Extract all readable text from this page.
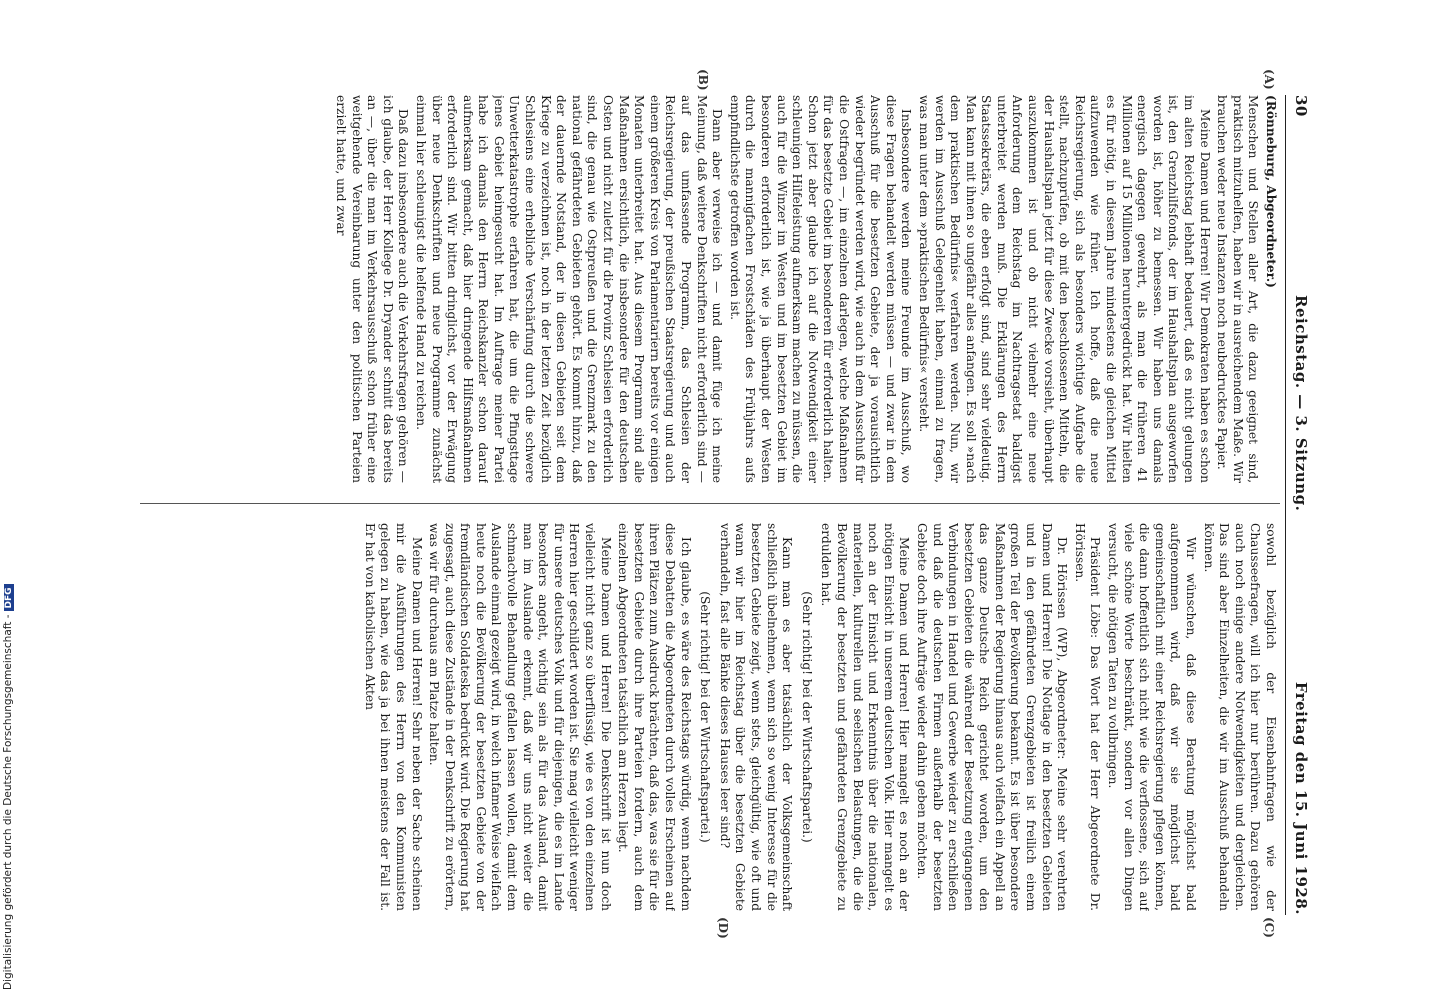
30
Reichstag. — 3. Sitzung.
Freitag den 15. Juni 1928.
(A)
(B)
(C)
(D)

(Rönneburg, Abgeordneter.)

Menschen und Stellen aller Art, die dazu geeignet sind, praktisch mitzuhelfen, haben wir in ausreichendem Maße. Wir brauchen weder neue Instanzen noch neubedrucktes Papier.

Meine Damen und Herren! Wir Demokraten haben es schon im alten Reichstag lebhaft bedauert, daß es nicht gelungen ist, den Grenzhilfsfonds, der im Haushaltsplan ausgeworfen worden ist, höher zu bemessen. Wir haben uns damals energisch dagegen gewehrt, als man die früheren 41 Millionen auf 15 Millionen heruntergedrückt hat. Wir hielten es für nötig, in diesem Jahre mindestens die gleichen Mittel aufzuwenden wie früher. Ich hoffe, daß die neue Reichsregierung, sich als besonders wichtige Aufgabe die stellt, nachzuprüfen, ob mit den beschlossenen Mitteln, die der Haushaltsplan jetzt für diese Zwecke vorsieht, überhaupt auszukommen ist und ob nicht vielmehr eine neue Anforderung dem Reichstag im Nachtragsetat baldigst unterbreitet werden muß. Die Erklärungen des Herrn Staatssekretärs, die eben erfolgt sind, sind sehr vieldeutig. Man kann mit ihnen so ungefähr alles anfangen. Es soll »nach dem praktischen Bedürfnis« verfahren werden. Nun, wir werden im Ausschuß Gelegenheit haben, einmal zu fragen, was man unter dem »praktischen Bedürfnis« versteht.

Insbesondere werden meine Freunde im Ausschuß, wo diese Fragen behandelt werden müssen — und zwar in dem Ausschuß für die besetzten Gebiete, der ja vorausichtlich wieder begründet werden wird, wie auch in dem Ausschuß für die Ostfragen —, im einzelnen darlegen, welche Maßnahmen für das besetzte Gebiet im besonderen für erforderlich halten. Schon jetzt aber glaube ich auf die Notwendigkeit einer schleunigen Hilfeleistung aufmerksam machen zu müssen, die auch für die Winzer im Westen und im besetzten Gebiet im besonderen erforderlich ist, wie ja überhaupt der Westen durch die mannigfachen Frostschäden des Frühjahrs aufs empfindlichste getroffen worden ist.

Dann aber verweise ich — und damit füge ich meine Meinung, daß weitere Denkschriften nicht erforderlich sind — auf das umfassende Programm, das Schlesien der Reichsregierung, der preußischen Staatsregierung und auch einem größeren Kreis von Parlamentariern bereits vor einigen Monaten unterbreitet hat. Aus diesem Programm sind alle Maßnahmen ersichtlich, die insbesondere für den deutschen Osten und nicht zuletzt für die Provinz Schlesien erforderlich sind, die genau wie Ostpreußen und die Grenzmark zu den national gefährdeten Gebieten gehört. Es kommt hinzu, daß der dauernde Notstand, der in diesen Gebieten seit dem Kriege zu verzeichnen ist, noch in der letzten Zeit bezüglich Schlesiens eine erhebliche Verschärfung durch die schwere Unwetterkatastrophe erfahren hat, die um die Pfingsttage jenes Gebiet heimgesucht hat. Im Auftrage meiner Partei habe ich damals den Herrn Reichskanzler schon darauf aufmerksam gemacht, daß hier dringende Hilfsmaßnahmen erforderlich sind. Wir bitten dringlichst, vor der Erwägung über neue Denkschriften und neue Programme zunächst einmal hier schleunigst die helfende Hand zu reichen.

Daß dazu insbesondere auch die Verkehrsfragen gehören — ich glaube, der Herr Kollege Dr. Dryander schnitt das bereits an —, über die man im Verkehrsausschuß schon früher eine weitgehende Vereinbarung unter den politischen Parteien erzielt hatte, und zwar

sowohl bezüglich der Eisenbahnfragen wie der Chausseefragen, will ich hier nur berühren. Dazu gehören auch noch einige andere Notwendigkeiten und dergleichen. Das sind aber Einzelheiten, die wir im Ausschuß behandeln können.

Wir wünschen, daß diese Beratung möglichst bald aufgenommen wird, daß wir sie möglichst bald gemeinschaftlich mit einer Reichsregierung pflegen können, die dann hoffentlich sich nicht wie die verflossene, sich auf viele schöne Worte beschränkt, sondern vor allen Dingen versucht, die nötigen Taten zu vollbringen.

Präsident Löbe: Das Wort hat der Herr Abgeordnete Dr. Hörissen.

Dr. Hörissen (WP), Abgeordneter: Meine sehr verehrten Damen und Herren! Die Notlage in den besetzten Gebieten und in den gefährdeten Grenzgebieten ist freilich einem großen Teil der Bevölkerung bekannt. Es ist über besondere Maßnahmen der Regierung hinaus auch vielfach ein Appell an das ganze Deutsche Reich gerichtet worden, um den besetzten Gebieten die während der Besetzung entgangenen Verbindungen in Handel und Gewerbe wieder zu erschließen und daß die deutschen Firmen außerhalb der besetzten Gebiete doch ihre Aufträge wieder dahin geben möchten.

Meine Damen und Herren! Hier mangelt es noch an der nötigen Einsicht in unserem deutschen Volk. Hier mangelt es noch an der Einsicht und Erkenntnis über die nationalen, materiellen, kulturellen und seelischen Belastungen, die die Bevölkerung der besetzten und gefährdeten Grenzgebiete zu erdulden hat.

(Sehr richtig! bei der Wirtschaftspartei.)

Kann man es aber tatsächlich der Volksgemeinschaft schließlich übelnehmen, wenn sich so wenig Interesse für die besetzten Gebiete zeigt, wenn stets, gleichgültig, wie oft und wann wir hier im Reichstag über die besetzten Gebiete verhandeln, fast alle Bänke dieses Hauses leer sind?

(Sehr richtig! bei der Wirtschaftspartei.)

Ich glaube, es wäre des Reichstags würdig, wenn nachdem diese Debatten die Abgeordneten durch volles Erscheinen auf ihren Plätzen zum Ausdruck brächten, daß das, was sie für die besetzten Gebiete durch ihre Parteien fordern, auch dem einzelnen Abgeordneten tatsächlich am Herzen liegt.

Meine Damen und Herren! Die Denkschrift ist nun doch vielleicht nicht ganz so überflüssig, wie es von den einzelnen Herren hier geschildert worden ist. Sie mag vielleicht weniger für unsere deutsches Volk und für diejenigen, die es im Lande besonders angeht, wichtig sein als für das Ausland, damit man im Auslande erkennt, daß wir uns nicht weiter die schmachvolle Behandlung gefallen lassen wollen, damit dem Auslande einmal gezeigt wird, in welch infamer Weise vielfach heute noch die Bevölkerung der besetzten Gebiete von der fremdländischen Soldateska bedrückt wird. Die Regierung hat zugesagt, auch diese Zustände in der Denkschrift zu erörtern, was wir für durchaus am Platze halten.

Meine Damen und Herren! Sehr neben der Sache scheinen mir die Ausführungen des Herrn von den Kommunisten gelegen zu haben, wie das ja bei ihnen meistens der Fall ist. Er hat von katholischen Akten

Digitalisierung gefördert durch die Deutsche Forschungsgemeinschaft -DFG
